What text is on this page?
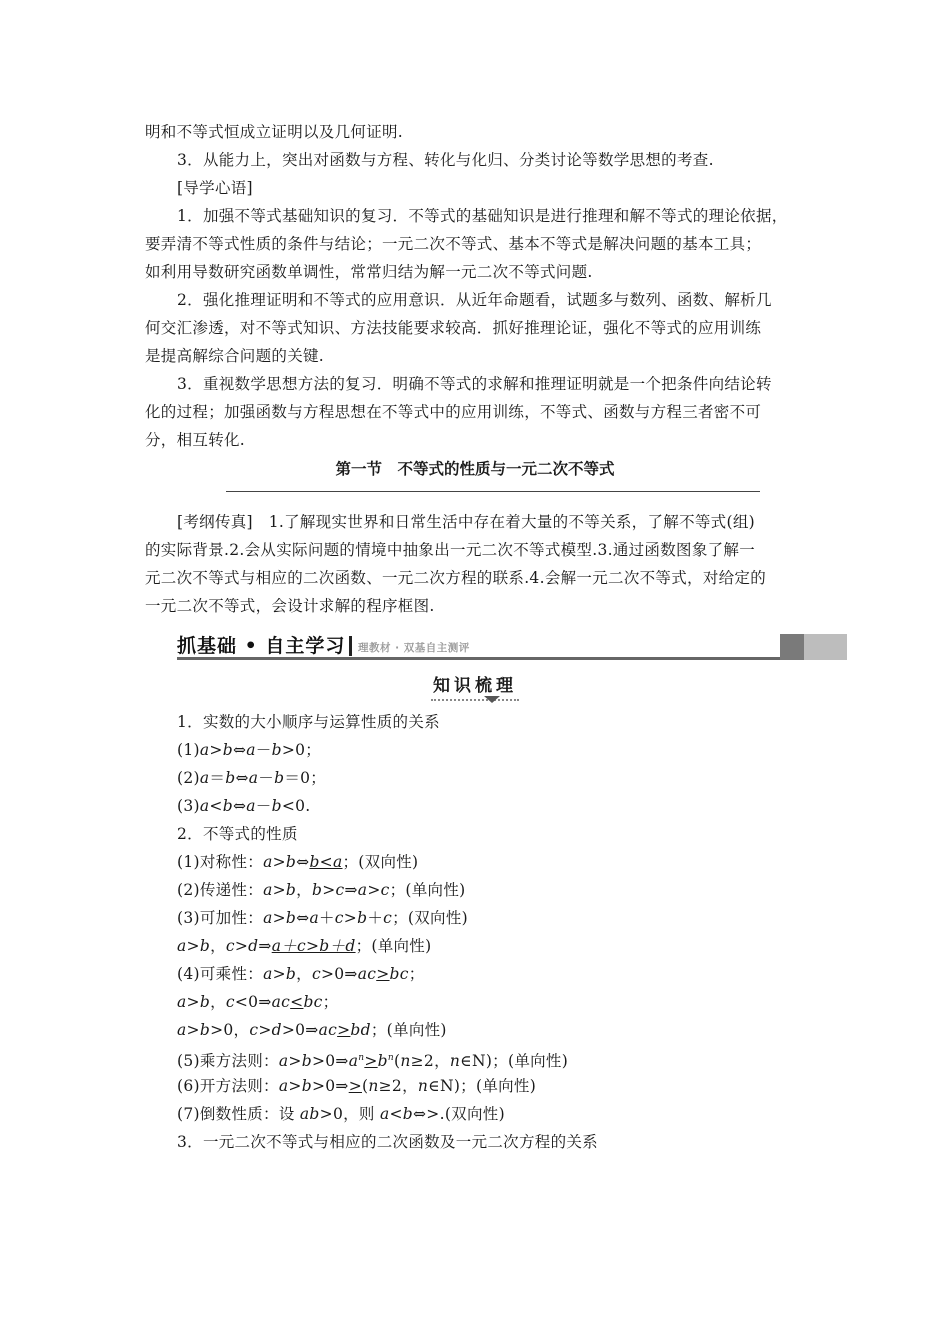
明和不等式恒成立证明以及几何证明.
3．从能力上，突出对函数与方程、转化与化归、分类讨论等数学思想的考查.
[导学心语]
1．加强不等式基础知识的复习．不等式的基础知识是进行推理和解不等式的理论依据，
要弄清不等式性质的条件与结论；一元二次不等式、基本不等式是解决问题的基本工具；
如利用导数研究函数单调性，常常归结为解一元二次不等式问题.
2．强化推理证明和不等式的应用意识．从近年命题看，试题多与数列、函数、解析几
何交汇渗透，对不等式知识、方法技能要求较高．抓好推理论证，强化不等式的应用训练
是提高解综合问题的关键.
3．重视数学思想方法的复习．明确不等式的求解和推理证明就是一个把条件向结论转
化的过程；加强函数与方程思想在不等式中的应用训练，不等式、函数与方程三者密不可
分，相互转化.
第一节　不等式的性质与一元二次不等式
[考纲传真]　1.了解现实世界和日常生活中存在着大量的不等关系，了解不等式(组)
的实际背景.2.会从实际问题的情境中抽象出一元二次不等式模型.3.通过函数图象了解一
元二次不等式与相应的二次函数、一元二次方程的联系.4.会解一元二次不等式，对给定的
一元二次不等式，会设计求解的程序框图.
抓基础 • 自主学习 理教材 · 双基自主测评
知识梳理
1．实数的大小顺序与运算性质的关系
(1)a>b⇔a－b>0；
(2)a＝b⇔a－b＝0；
(3)a<b⇔a－b<0.
2．不等式的性质
(1)对称性：a>b⇔b<a；(双向性)
(2)传递性：a>b，b>c⇒a>c；(单向性)
(3)可加性：a>b⇔a＋c>b＋c；(双向性)
a>b，c>d⇒a＋c>b＋d；(单向性)
(4)可乘性：a>b，c>0⇒ac>bc；
a>b，c<0⇒ac<bc；
a>b>0，c>d>0⇒ac>bd；(单向性)
(5)乘方法则：$a>b>0\Rightarrow a^n>b^n(n\ge 2$，n∈N)；(单向性)
(6)开方法则：a>b>0⇒>(n≥2，n∈N)；(单向性)
(7)倒数性质：设 ab>0，则 a<b⇔>.(双向性)
3．一元二次不等式与相应的二次函数及一元二次方程的关系
